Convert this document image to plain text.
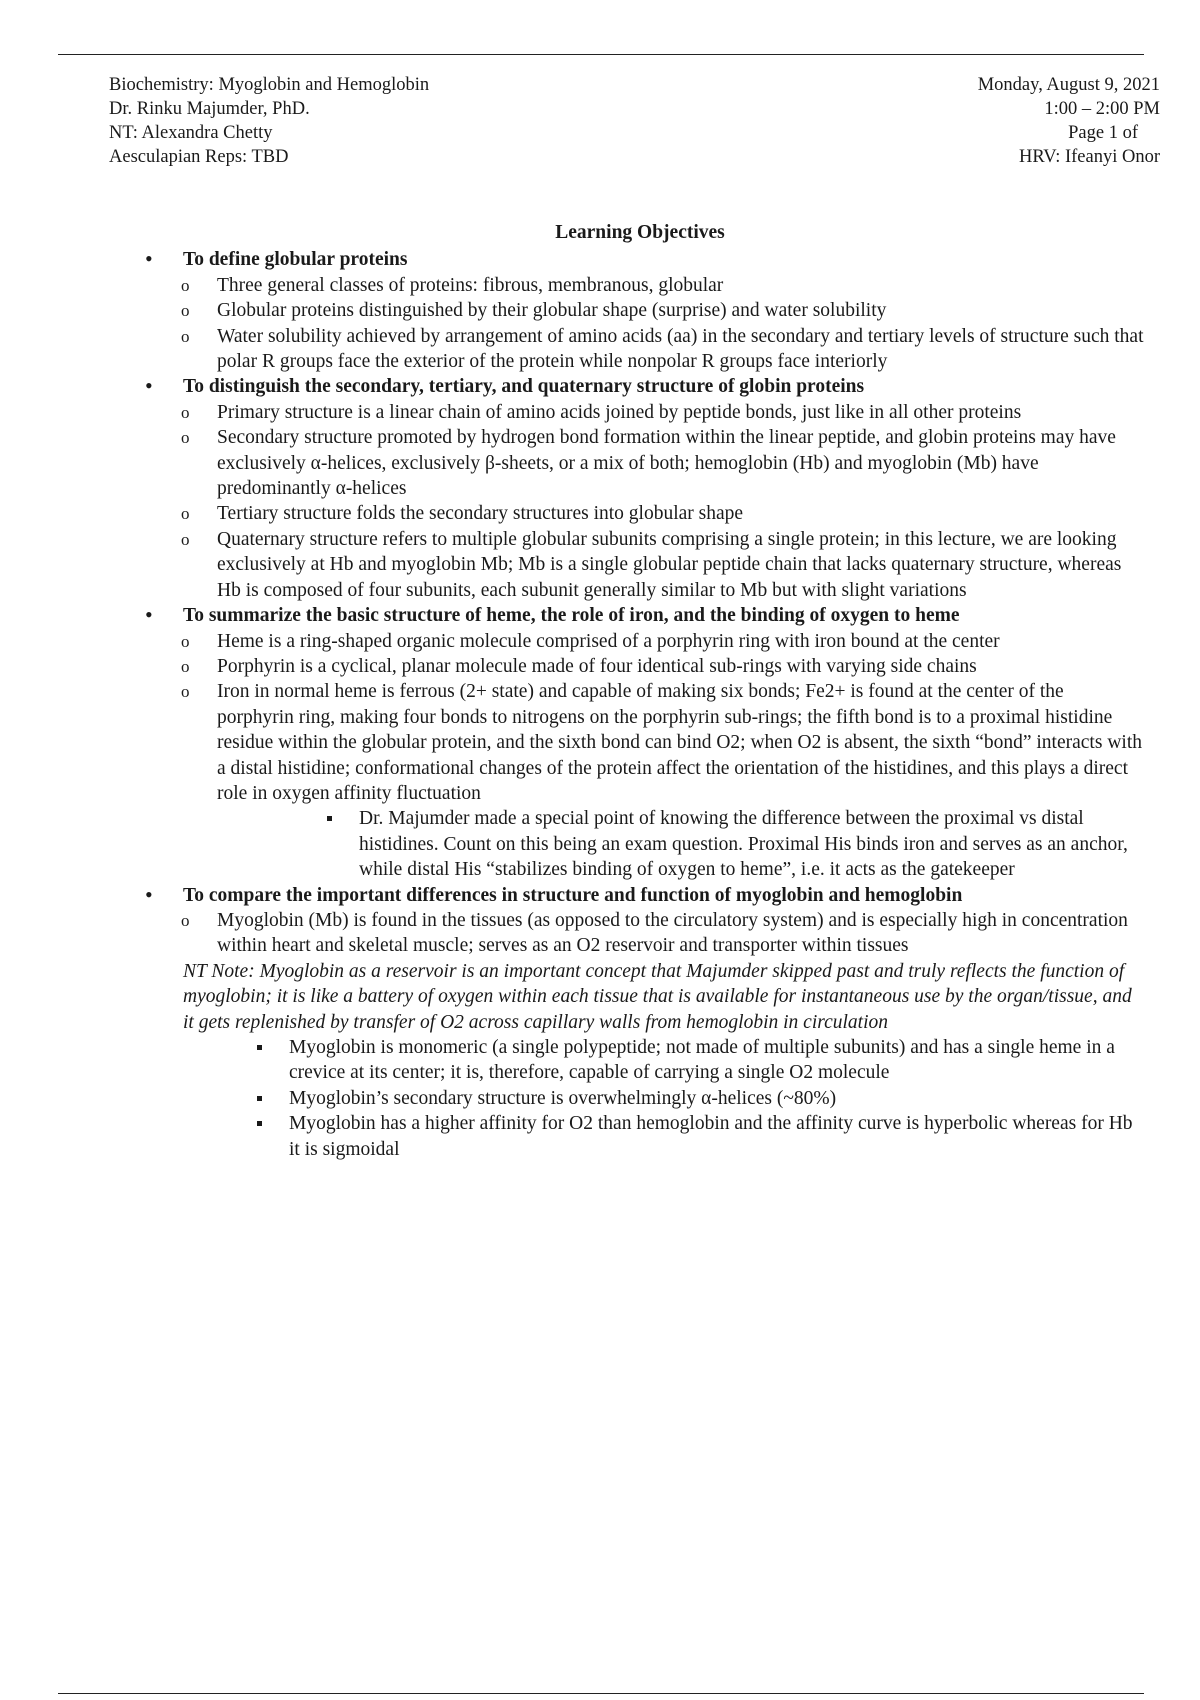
Biochemistry: Myoglobin and Hemoglobin
Dr. Rinku Majumder, PhD.
NT: Alexandra Chetty
Aesculapian Reps: TBD
Monday, August 9, 2021
1:00 – 2:00 PM
Page 1 of
HRV: Ifeanyi Onor
Learning Objectives
• To define globular proteins
o Three general classes of proteins: fibrous, membranous, globular
o Globular proteins distinguished by their globular shape (surprise) and water solubility
o Water solubility achieved by arrangement of amino acids (aa) in the secondary and tertiary levels of structure such that polar R groups face the exterior of the protein while nonpolar R groups face interiorly
• To distinguish the secondary, tertiary, and quaternary structure of globin proteins
o Primary structure is a linear chain of amino acids joined by peptide bonds, just like in all other proteins
o Secondary structure promoted by hydrogen bond formation within the linear peptide, and globin proteins may have exclusively α-helices, exclusively β-sheets, or a mix of both; hemoglobin (Hb) and myoglobin (Mb) have predominantly α-helices
o Tertiary structure folds the secondary structures into globular shape
o Quaternary structure refers to multiple globular subunits comprising a single protein; in this lecture, we are looking exclusively at Hb and myoglobin Mb; Mb is a single globular peptide chain that lacks quaternary structure, whereas Hb is composed of four subunits, each subunit generally similar to Mb but with slight variations
• To summarize the basic structure of heme, the role of iron, and the binding of oxygen to heme
o Heme is a ring-shaped organic molecule comprised of a porphyrin ring with iron bound at the center
o Porphyrin is a cyclical, planar molecule made of four identical sub-rings with varying side chains
o Iron in normal heme is ferrous (2+ state) and capable of making six bonds; Fe2+ is found at the center of the porphyrin ring, making four bonds to nitrogens on the porphyrin sub-rings; the fifth bond is to a proximal histidine residue within the globular protein, and the sixth bond can bind O2; when O2 is absent, the sixth “bond” interacts with a distal histidine; conformational changes of the protein affect the orientation of the histidines, and this plays a direct role in oxygen affinity fluctuation
Dr. Majumder made a special point of knowing the difference between the proximal vs distal histidines. Count on this being an exam question. Proximal His binds iron and serves as an anchor, while distal His “stabilizes binding of oxygen to heme”, i.e. it acts as the gatekeeper
• To compare the important differences in structure and function of myoglobin and hemoglobin
o Myoglobin (Mb) is found in the tissues (as opposed to the circulatory system) and is especially high in concentration within heart and skeletal muscle; serves as an O2 reservoir and transporter within tissues
NT Note: Myoglobin as a reservoir is an important concept that Majumder skipped past and truly reflects the function of myoglobin; it is like a battery of oxygen within each tissue that is available for instantaneous use by the organ/tissue, and it gets replenished by transfer of O2 across capillary walls from hemoglobin in circulation
Myoglobin is monomeric (a single polypeptide; not made of multiple subunits) and has a single heme in a crevice at its center; it is, therefore, capable of carrying a single O2 molecule
Myoglobin’s secondary structure is overwhelmingly α-helices (~80%)
Myoglobin has a higher affinity for O2 than hemoglobin and the affinity curve is hyperbolic whereas for Hb it is sigmoidal
